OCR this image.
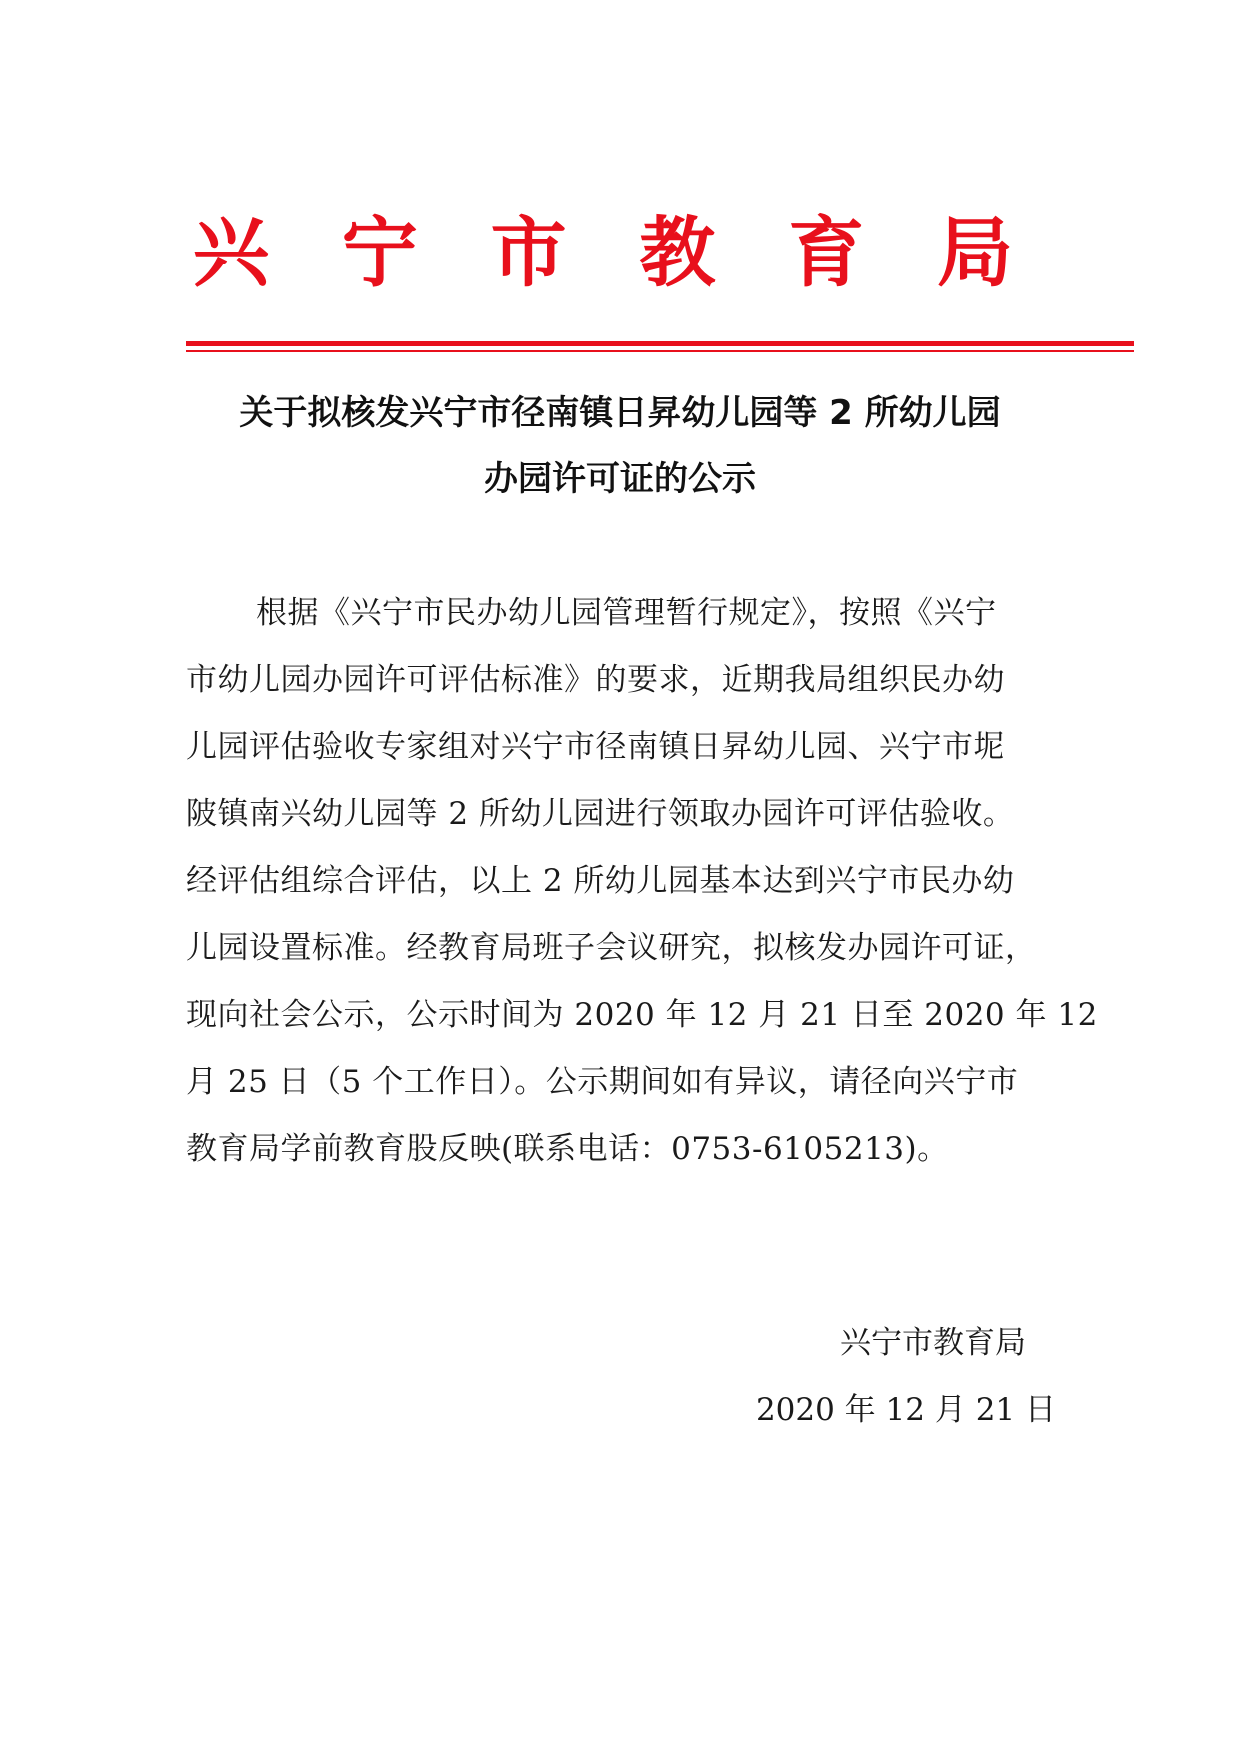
兴 宁 市 教 育 局
关于拟核发兴宁市径南镇日昇幼儿园等 2 所幼儿园
办园许可证的公示
根据《兴宁市民办幼儿园管理暂行规定》，按照《兴宁
市幼儿园办园许可评估标准》的要求，近期我局组织民办幼
儿园评估验收专家组对兴宁市径南镇日昇幼儿园、兴宁市坭
陂镇南兴幼儿园等 2 所幼儿园进行领取办园许可评估验收。
经评估组综合评估，以上 2 所幼儿园基本达到兴宁市民办幼
儿园设置标准。经教育局班子会议研究，拟核发办园许可证，
现向社会公示，公示时间为 2020 年 12 月 21 日至 2020 年 12
月 25 日（5 个工作日）。公示期间如有异议，请径向兴宁市
教育局学前教育股反映(联系电话：0753-6105213)。
兴宁市教育局
2020 年 12 月 21 日
